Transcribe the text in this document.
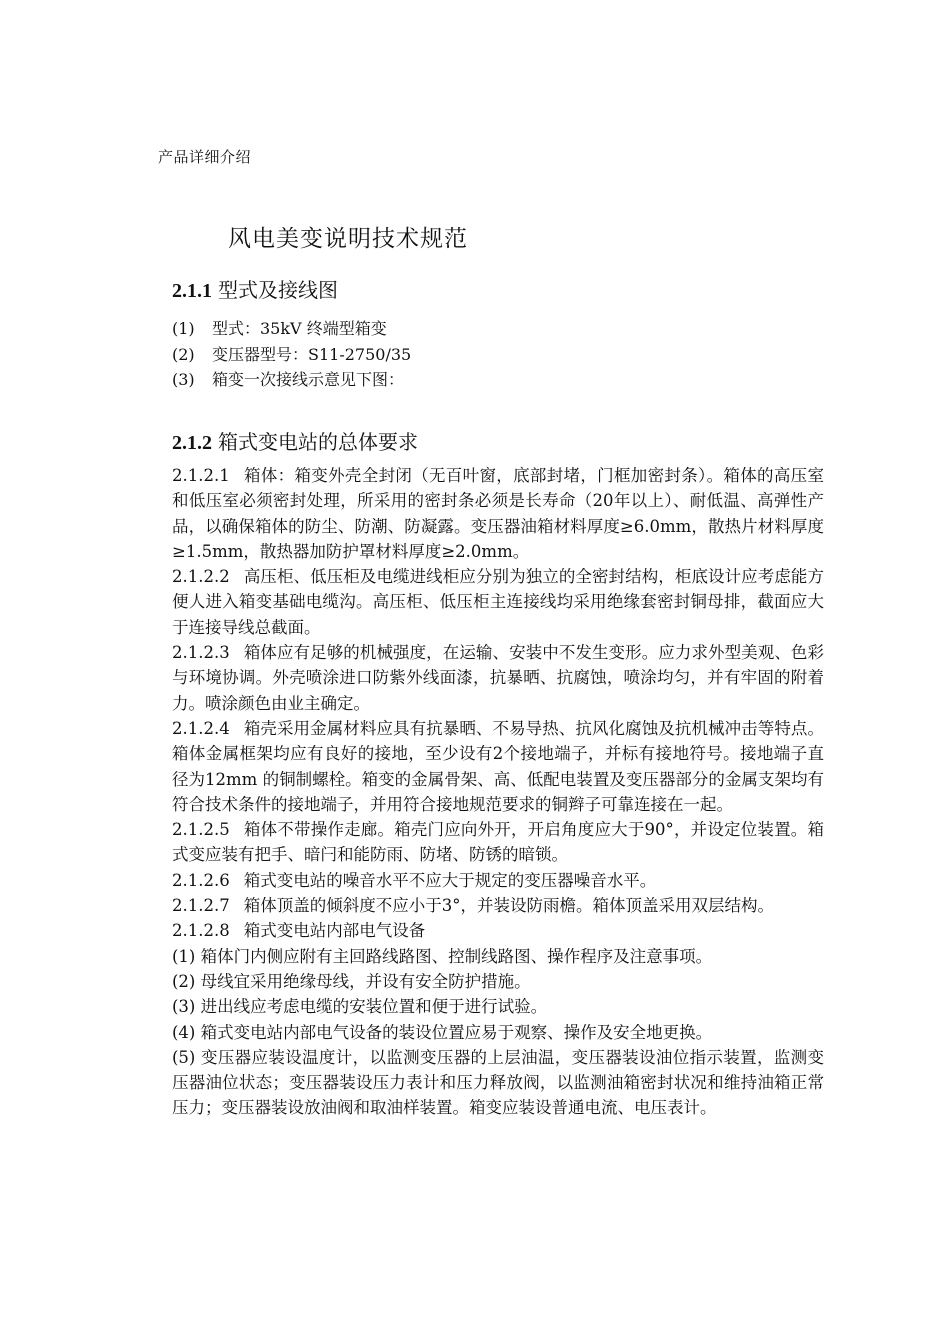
产品详细介绍
风电美变说明技术规范
2.1.1 型式及接线图
(1) 型式：35kV 终端型箱变
(2) 变压器型号：S11-2750/35
(3) 箱变一次接线示意见下图：
2.1.2 箱式变电站的总体要求

2.1.2.1 箱体：箱变外壳全封闭（无百叶窗，底部封堵，门框加密封条）。箱体的高压室和低压室必须密封处理，所采用的密封条必须是长寿命（20年以上）、耐低温、高弹性产品，以确保箱体的防尘、防潮、防凝露。变压器油箱材料厚度≥6.0mm，散热片材料厚度≥1.5mm，散热器加防护罩材料厚度≥2.0mm。

2.1.2.2 高压柜、低压柜及电缆进线柜应分别为独立的全密封结构，柜底设计应考虑能方便人进入箱变基础电缆沟。高压柜、低压柜主连接线均采用绝缘套密封铜母排，截面应大于连接导线总截面。

2.1.2.3 箱体应有足够的机械强度，在运输、安装中不发生变形。应力求外型美观、色彩与环境协调。外壳喷涂进口防紫外线面漆，抗暴晒、抗腐蚀，喷涂均匀，并有牢固的附着力。喷涂颜色由业主确定。

2.1.2.4 箱壳采用金属材料应具有抗暴晒、不易导热、抗风化腐蚀及抗机械冲击等特点。箱体金属框架均应有良好的接地，至少设有2个接地端子，并标有接地符号。接地端子直径为12mm 的铜制螺栓。箱变的金属骨架、高、低配电装置及变压器部分的金属支架均有符合技术条件的接地端子，并用符合接地规范要求的铜辫子可靠连接在一起。

2.1.2.5 箱体不带操作走廊。箱壳门应向外开，开启角度应大于90°，并设定位装置。箱式变应装有把手、暗闩和能防雨、防堵、防锈的暗锁。

2.1.2.6 箱式变电站的噪音水平不应大于规定的变压器噪音水平。

2.1.2.7 箱体顶盖的倾斜度不应小于3°，并装设防雨檐。箱体顶盖采用双层结构。

2.1.2.8 箱式变电站内部电气设备

(1) 箱体门内侧应附有主回路线路图、控制线路图、操作程序及注意事项。

(2) 母线宜采用绝缘母线，并设有安全防护措施。

(3) 进出线应考虑电缆的安装位置和便于进行试验。

(4) 箱式变电站内部电气设备的装设位置应易于观察、操作及安全地更换。

(5) 变压器应装设温度计，以监测变压器的上层油温，变压器装设油位指示装置，监测变压器油位状态；变压器装设压力表计和压力释放阀，以监测油箱密封状况和维持油箱正常压力；变压器装设放油阀和取油样装置。箱变应装设普通电流、电压表计。
